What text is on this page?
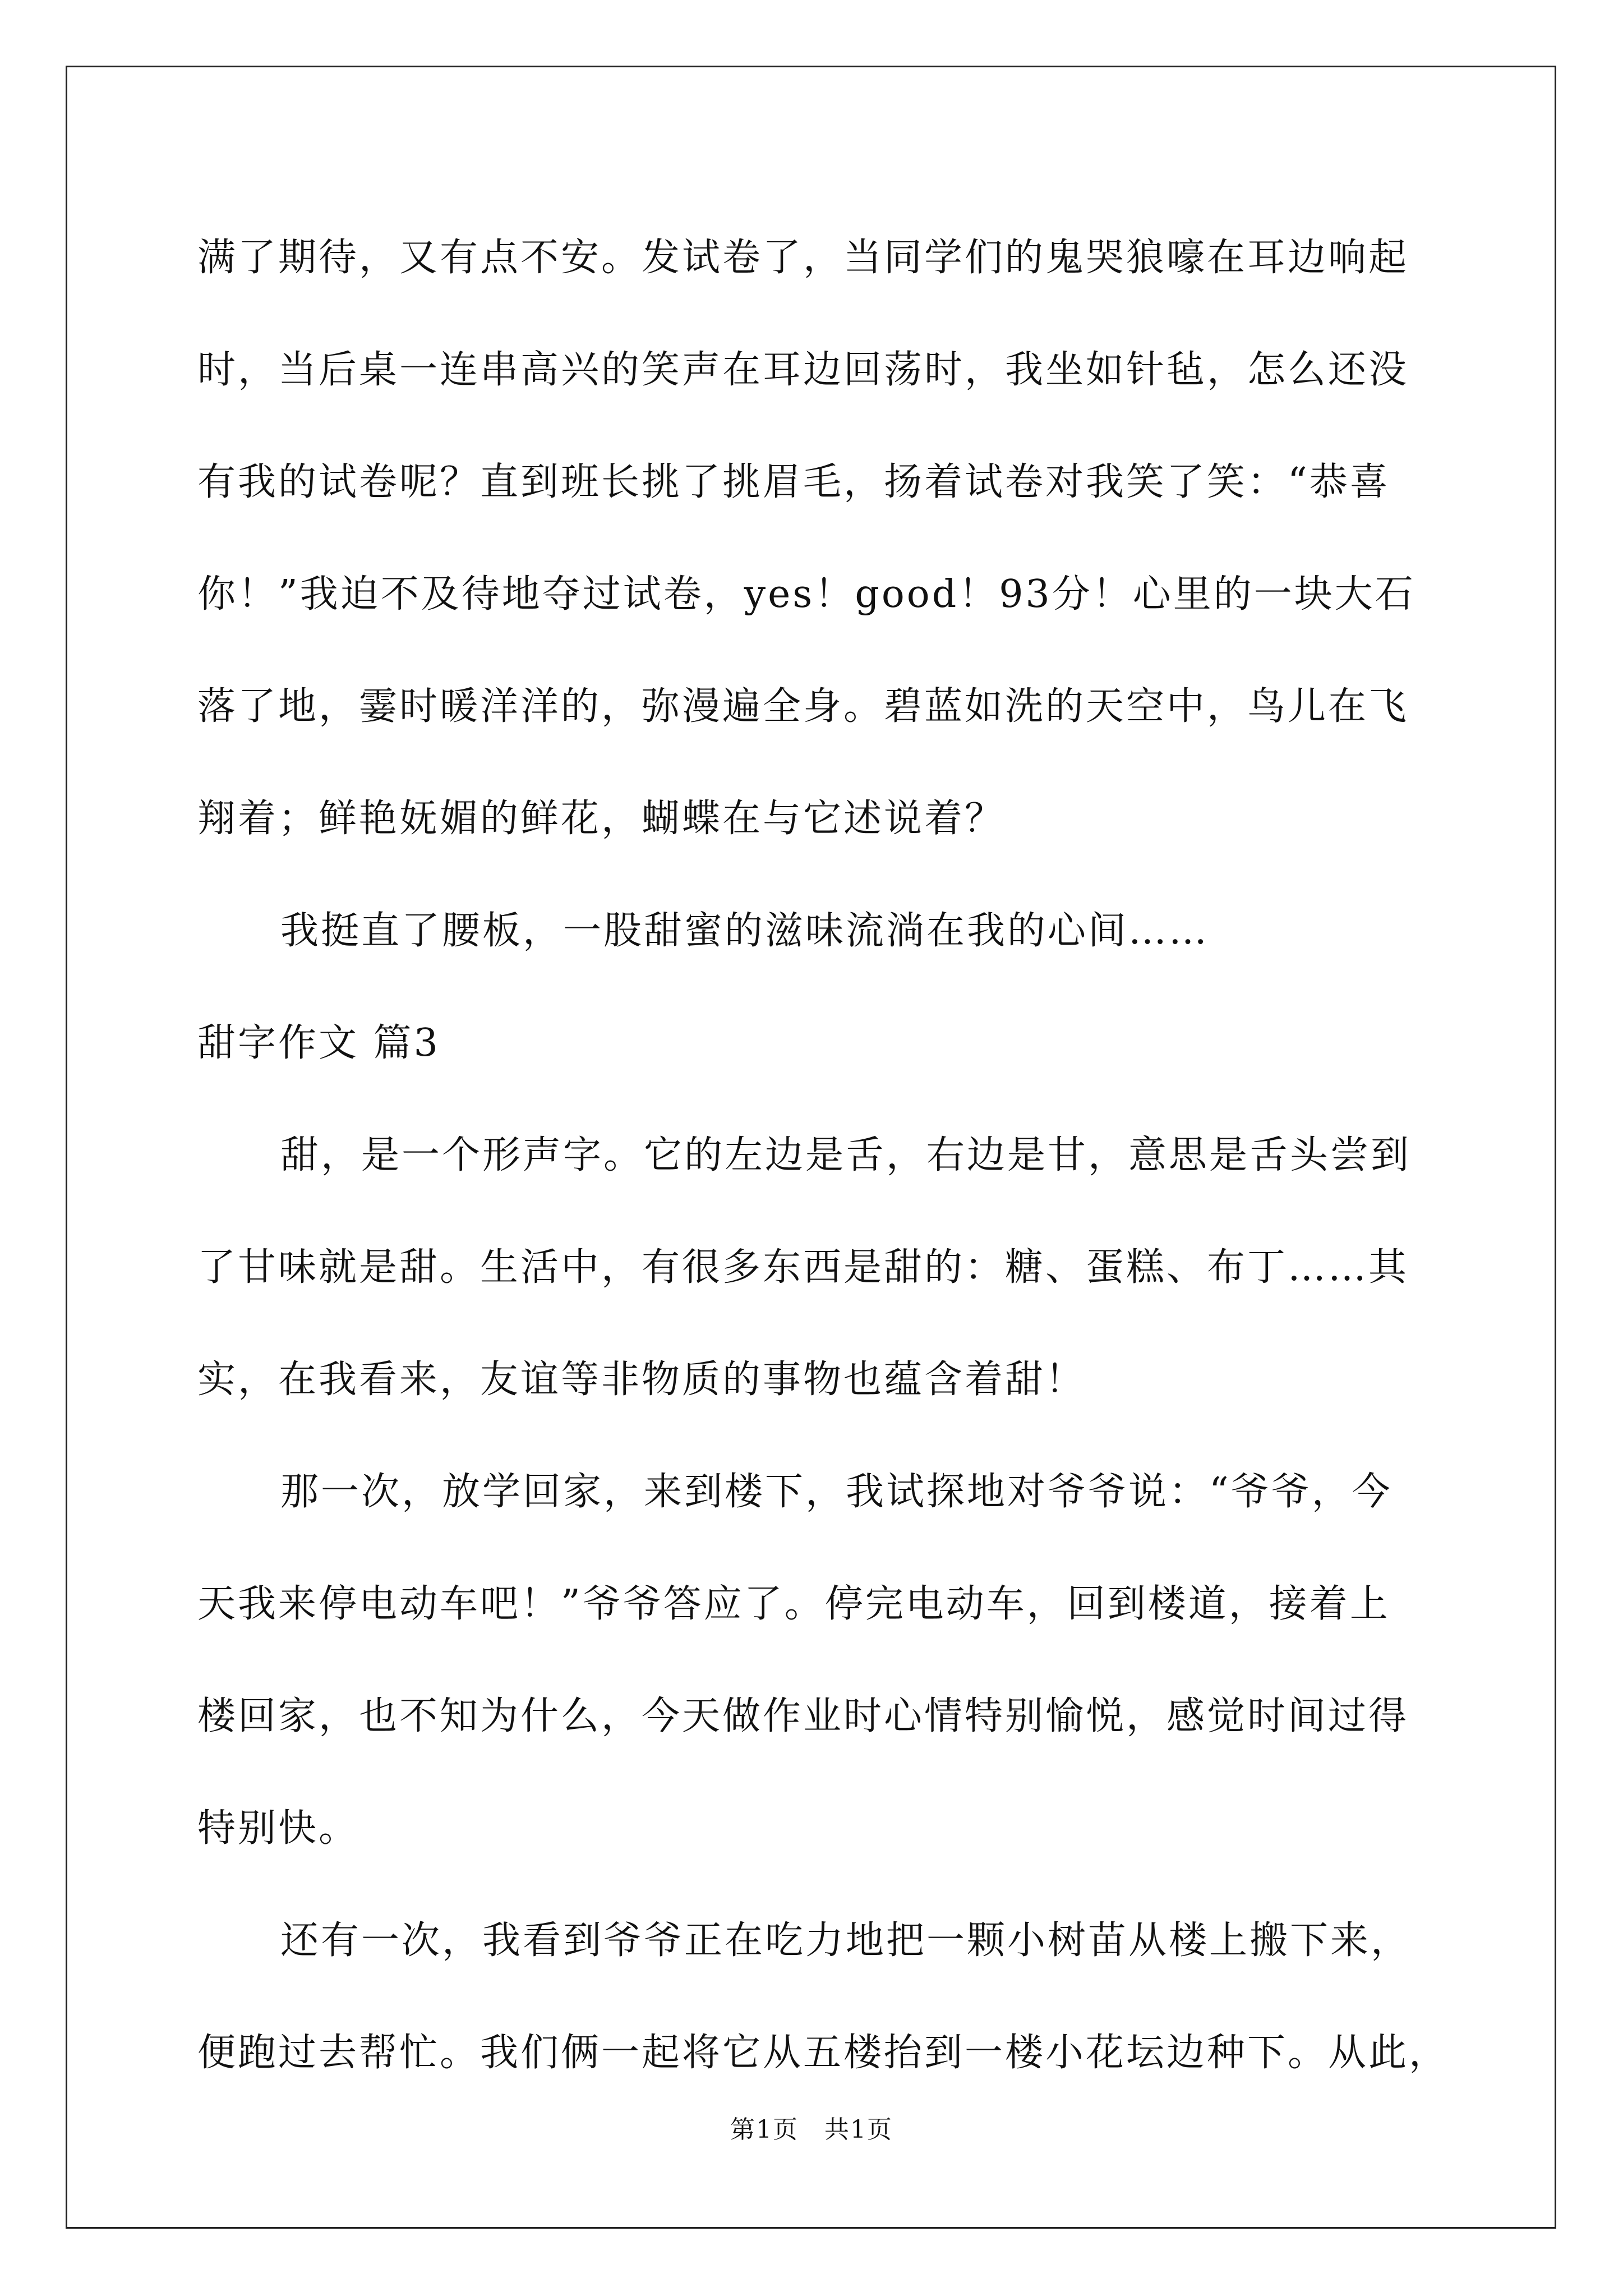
满了期待，又有点不安。发试卷了，当同学们的鬼哭狼嚎在耳边响起
时，当后桌一连串高兴的笑声在耳边回荡时，我坐如针毡，怎么还没
有我的试卷呢？直到班长挑了挑眉毛，扬着试卷对我笑了笑：“恭喜
你！”我迫不及待地夺过试卷，yes！good！93分！心里的一块大石
落了地，霎时暖洋洋的，弥漫遍全身。碧蓝如洗的天空中，鸟儿在飞
翔着；鲜艳妩媚的鲜花，蝴蝶在与它述说着？
我挺直了腰板，一股甜蜜的滋味流淌在我的心间……
甜字作文 篇3
甜，是一个形声字。它的左边是舌，右边是甘，意思是舌头尝到
了甘味就是甜。生活中，有很多东西是甜的：糖、蛋糕、布丁……其
实，在我看来，友谊等非物质的事物也蕴含着甜！
那一次，放学回家，来到楼下，我试探地对爷爷说：“爷爷，今
天我来停电动车吧！”爷爷答应了。停完电动车，回到楼道，接着上
楼回家，也不知为什么，今天做作业时心情特别愉悦，感觉时间过得
特别快。
还有一次，我看到爷爷正在吃力地把一颗小树苗从楼上搬下来，
便跑过去帮忙。我们俩一起将它从五楼抬到一楼小花坛边种下。从此，
第1页　共1页
